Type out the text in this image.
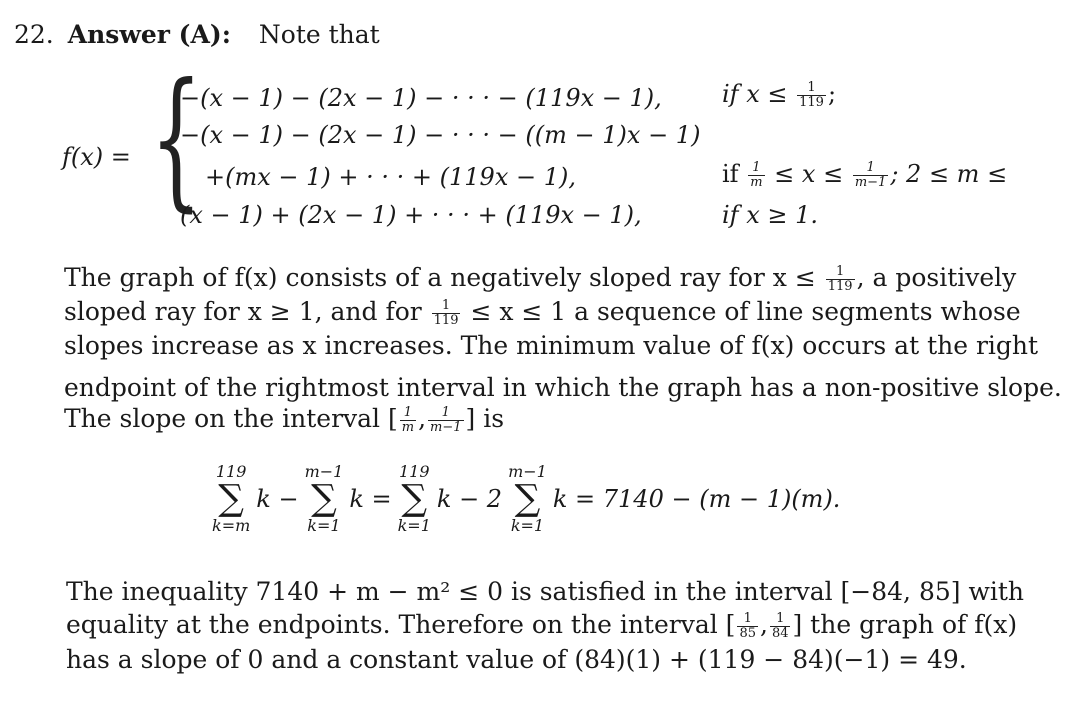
22. Answer (A): Note that
f(x) = {
−(x − 1) − (2x − 1) − · · · − (119x − 1),	if $x \le \frac{1}{119}$ ;
−(x − 1) − (2x − 1) − · · · − ((m − 1)x − 1)
+(mx − 1) + · · · + (119x − 1),	if $\frac{1}{m} \le x \le \frac{1}{m-1}$ ; 2 ≤ m ≤
(x − 1) + (2x − 1) + · · · + (119x − 1),	if x ≥ 1.
The graph of f(x) consists of a negatively sloped ray for $x \le \frac{1}{119}$ , a positively
sloped ray for x ≥ 1, and for $\frac{1}{119} \le x \le 1$ a sequence of line segments whose
slopes increase as x increases. The minimum value of f(x) occurs at the right
endpoint of the rightmost interval in which the graph has a non-positive slope.
The slope on the interval [ $\frac{1}{m}$ , $\frac{1}{m-1}$ ] is
119
∑
k=m
k −
m−1
∑
k=1
k =
119
∑
k=1
k − 2
m−1
∑
k=1
k = 7140 − (m − 1)(m).
The inequality 7140 + m − m² ≤ 0 is satisfied in the interval [−84, 85] with
equality at the endpoints. Therefore on the interval [ $\frac{1}{85}$ , $\frac{1}{84}$ ] the graph of f(x)
has a slope of 0 and a constant value of (84)(1) + (119 − 84)(−1) = 49.
